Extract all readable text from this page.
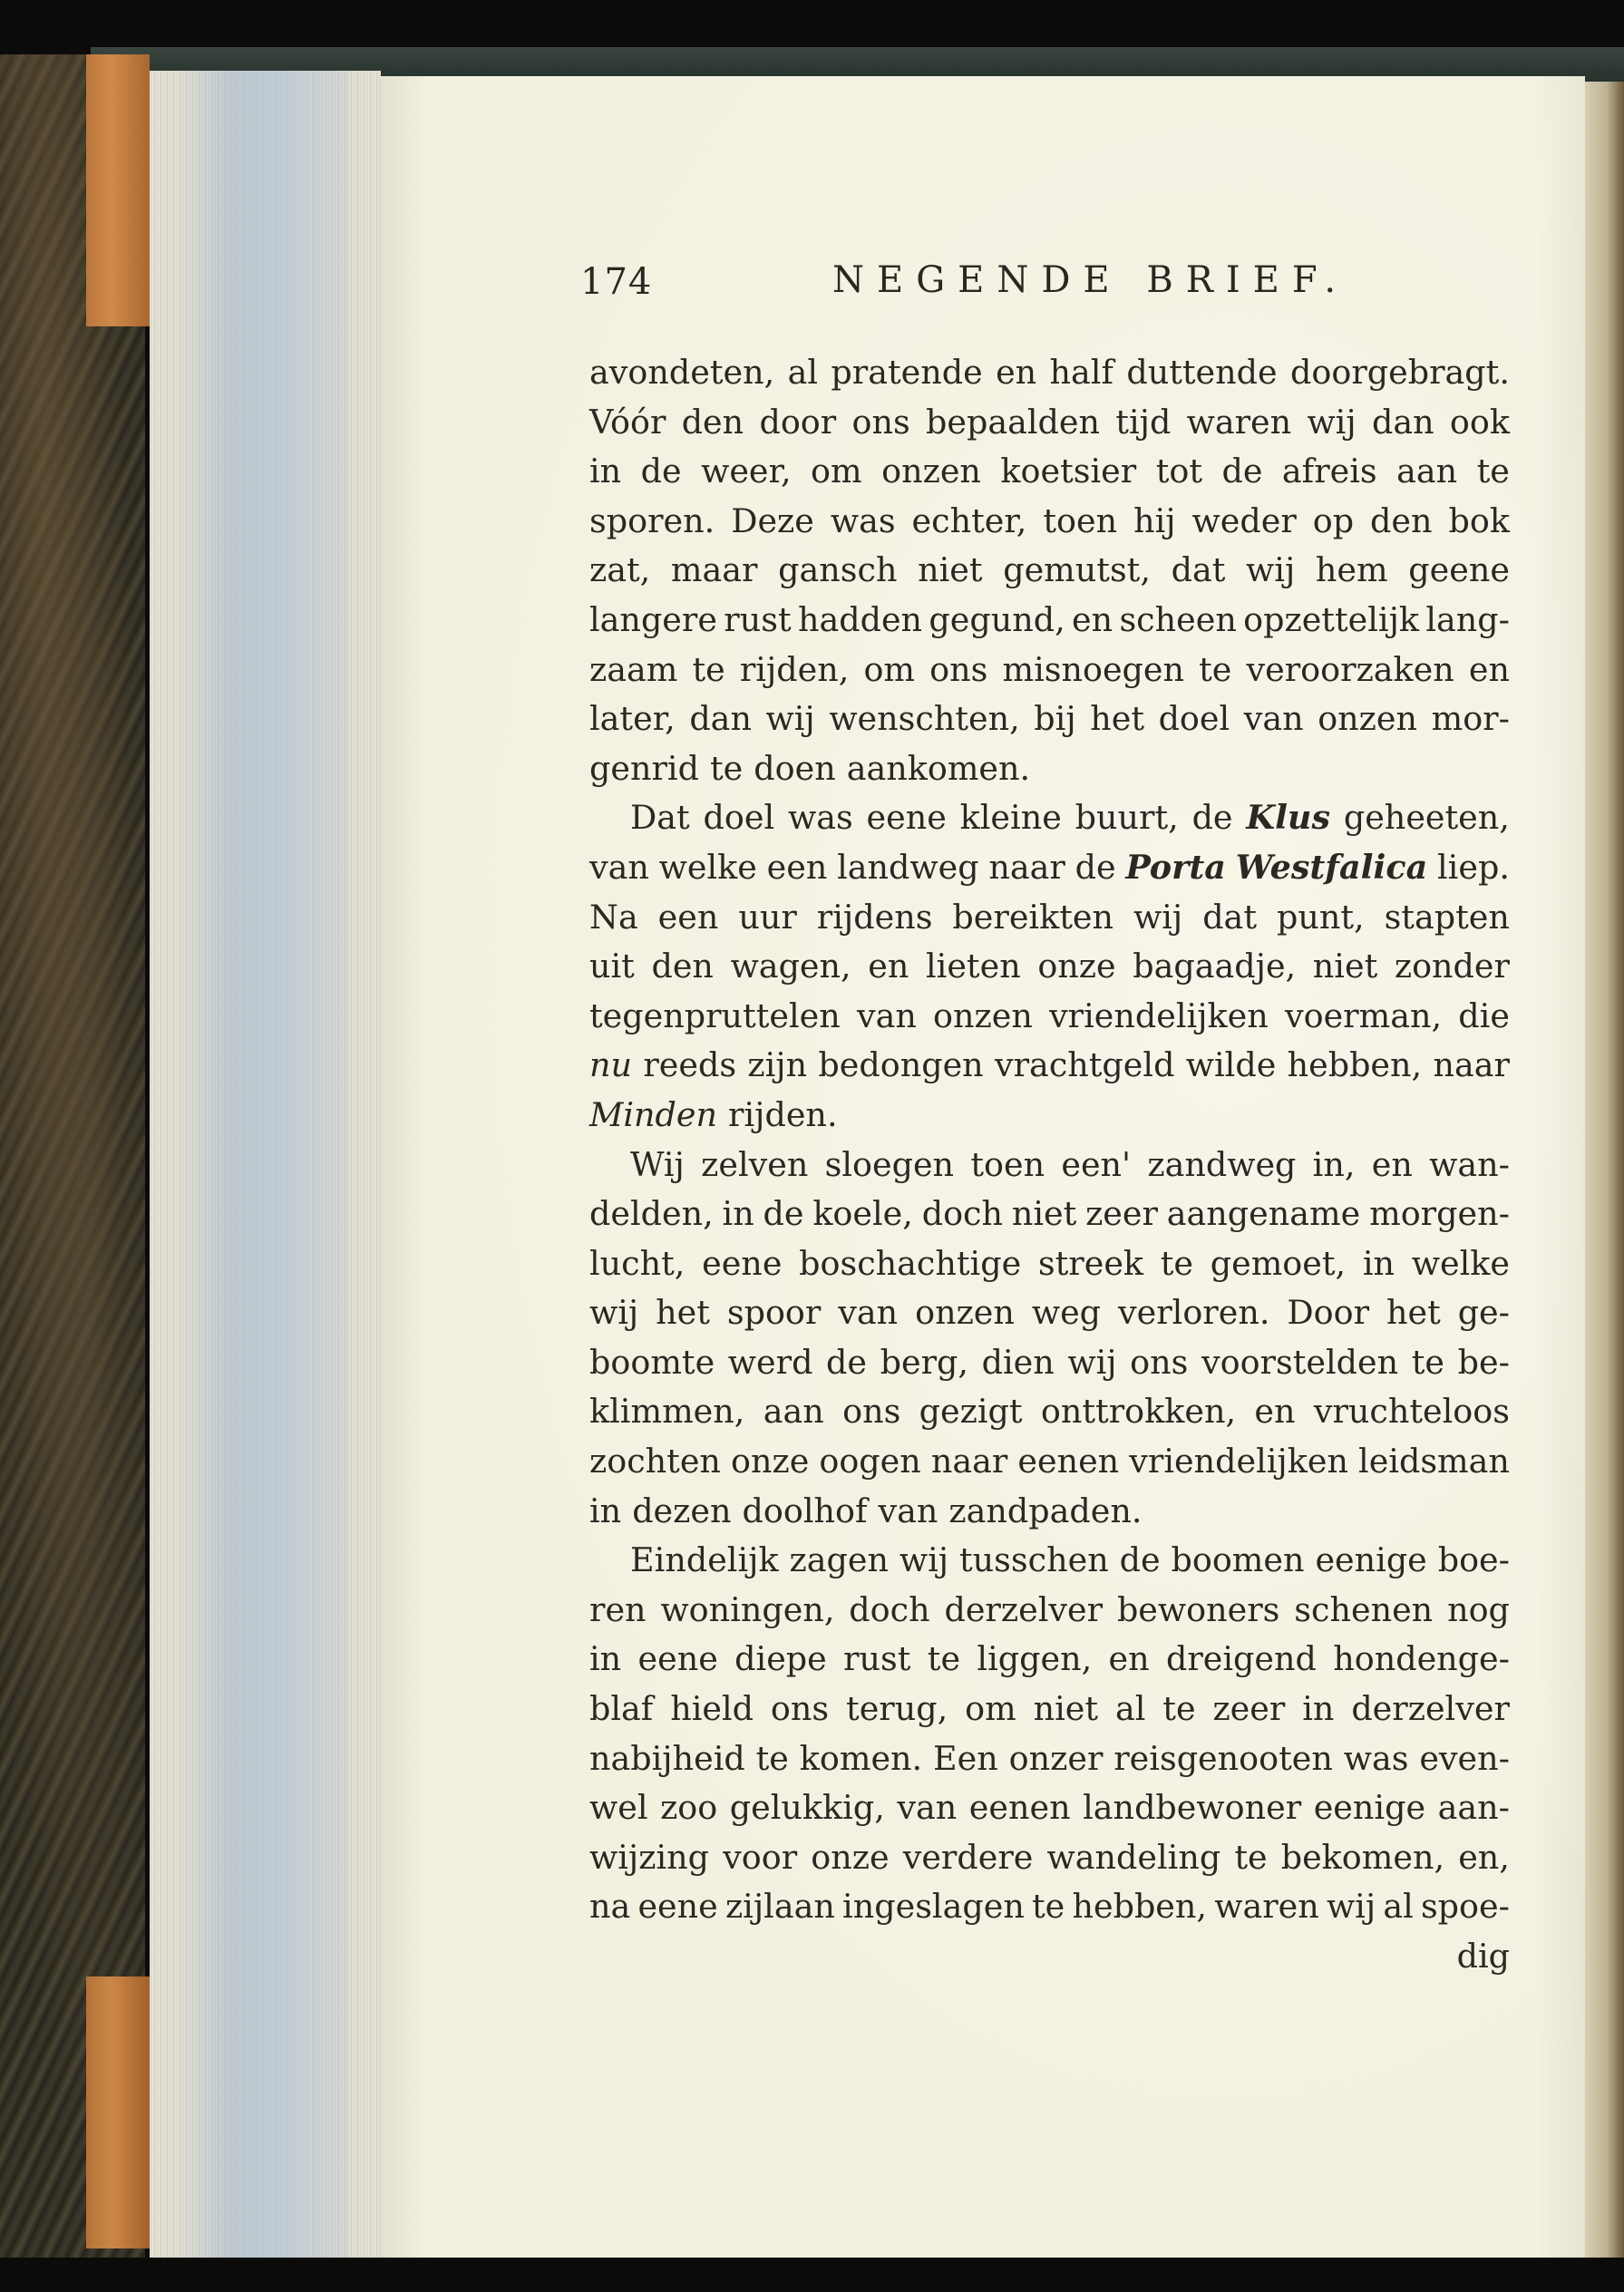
174	NEGENDE BRIEF.
avondeten, al pratende en half duttende doorgebragt.
Vóór den door ons bepaalden tijd waren wij dan ook
in de weer, om onzen koetsier tot de afreis aan te
sporen. Deze was echter, toen hij weder op den bok
zat, maar gansch niet gemutst, dat wij hem geene
langere rust hadden gegund, en scheen opzettelijk lang-
zaam te rijden, om ons misnoegen te veroorzaken en
later, dan wij wenschten, bij het doel van onzen mor-
genrid te doen aankomen.
Dat doel was eene kleine buurt, de Klus geheeten,
van welke een landweg naar de Porta Westfalica liep.
Na een uur rijdens bereikten wij dat punt, stapten
uit den wagen, en lieten onze bagaadje, niet zonder
tegenpruttelen van onzen vriendelijken voerman, die
nu reeds zijn bedongen vrachtgeld wilde hebben, naar
Minden rijden.
Wij zelven sloegen toen een' zandweg in, en wan-
delden, in de koele, doch niet zeer aangename morgen-
lucht, eene boschachtige streek te gemoet, in welke
wij het spoor van onzen weg verloren. Door het ge-
boomte werd de berg, dien wij ons voorstelden te be-
klimmen, aan ons gezigt onttrokken, en vruchteloos
zochten onze oogen naar eenen vriendelijken leidsman
in dezen doolhof van zandpaden.
Eindelijk zagen wij tusschen de boomen eenige boe-
ren woningen, doch derzelver bewoners schenen nog
in eene diepe rust te liggen, en dreigend hondenge-
blaf hield ons terug, om niet al te zeer in derzelver
nabijheid te komen. Een onzer reisgenooten was even-
wel zoo gelukkig, van eenen landbewoner eenige aan-
wijzing voor onze verdere wandeling te bekomen, en,
na eene zijlaan ingeslagen te hebben, waren wij al spoe-
dig
